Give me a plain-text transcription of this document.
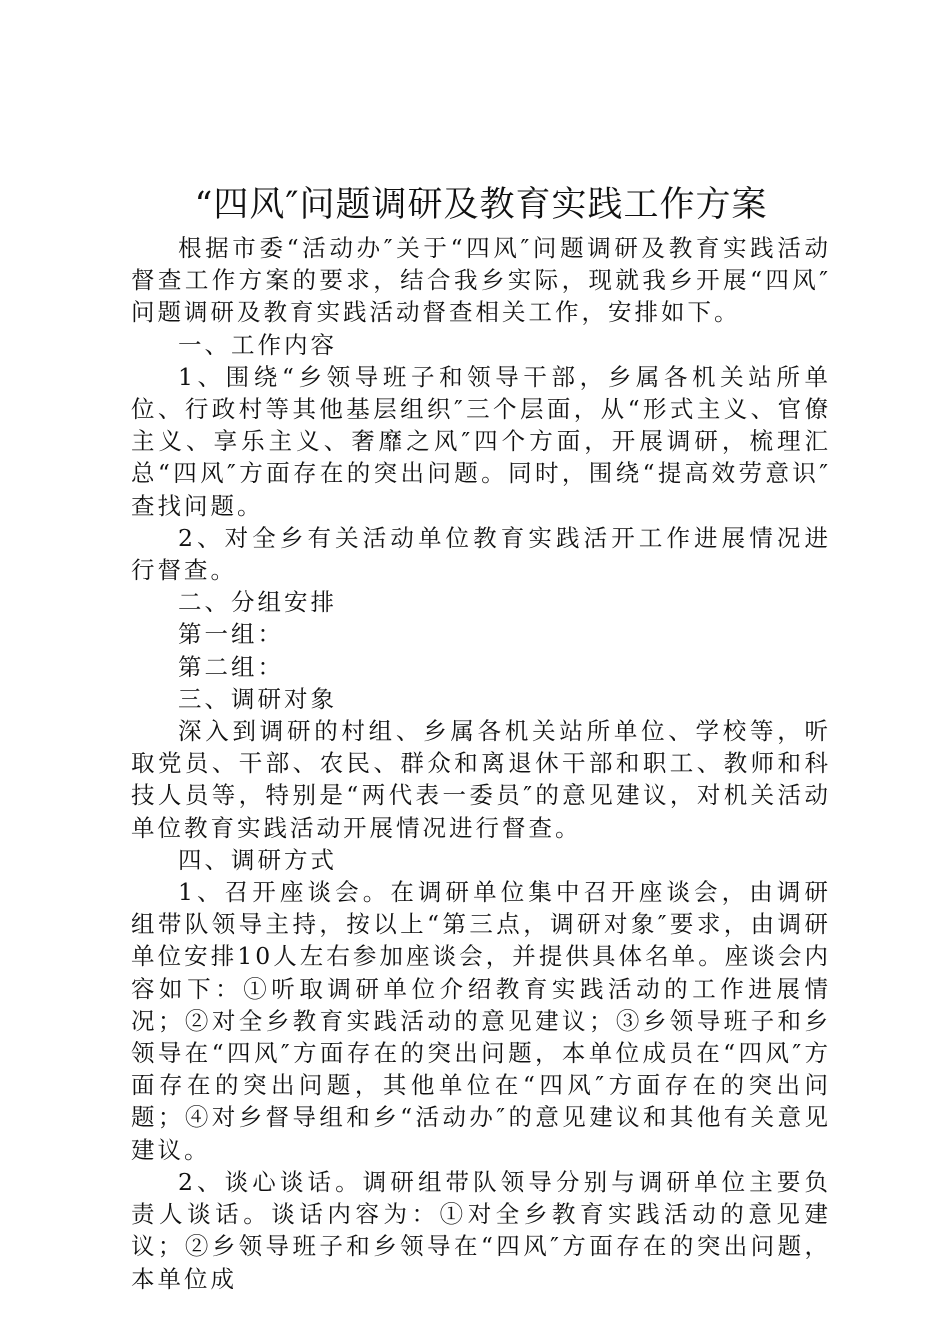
“四风″问题调研及教育实践工作方案

根据市委“活动办″关于“四风″问题调研及教育实践活动督查工作方案的要求，结合我乡实际，现就我乡开展“四风″问题调研及教育实践活动督查相关工作，安排如下。

一、工作内容

1、围绕“乡领导班子和领导干部，乡属各机关站所单位、行政村等其他基层组织″三个层面，从“形式主义、官僚主义、享乐主义、奢靡之风″四个方面，开展调研，梳理汇总“四风″方面存在的突出问题。同时，围绕“提高效劳意识″查找问题。

2、对全乡有关活动单位教育实践活开工作进展情况进行督查。

二、分组安排

第一组：

第二组：

三、调研对象

深入到调研的村组、乡属各机关站所单位、学校等，听取党员、干部、农民、群众和离退休干部和职工、教师和科技人员等，特别是“两代表一委员″的意见建议，对机关活动单位教育实践活动开展情况进行督查。

四、调研方式

1、召开座谈会。在调研单位集中召开座谈会，由调研组带队领导主持，按以上“第三点，调研对象″要求，由调研单位安排10人左右参加座谈会，并提供具体名单。座谈会内容如下：①听取调研单位介绍教育实践活动的工作进展情况；②对全乡教育实践活动的意见建议；③乡领导班子和乡领导在“四风″方面存在的突出问题，本单位成员在“四风″方面存在的突出问题，其他单位在“四风″方面存在的突出问题；④对乡督导组和乡“活动办″的意见建议和其他有关意见建议。

2、谈心谈话。调研组带队领导分别与调研单位主要负责人谈话。谈话内容为：①对全乡教育实践活动的意见建议；②乡领导班子和乡领导在“四风″方面存在的突出问题，本单位成
